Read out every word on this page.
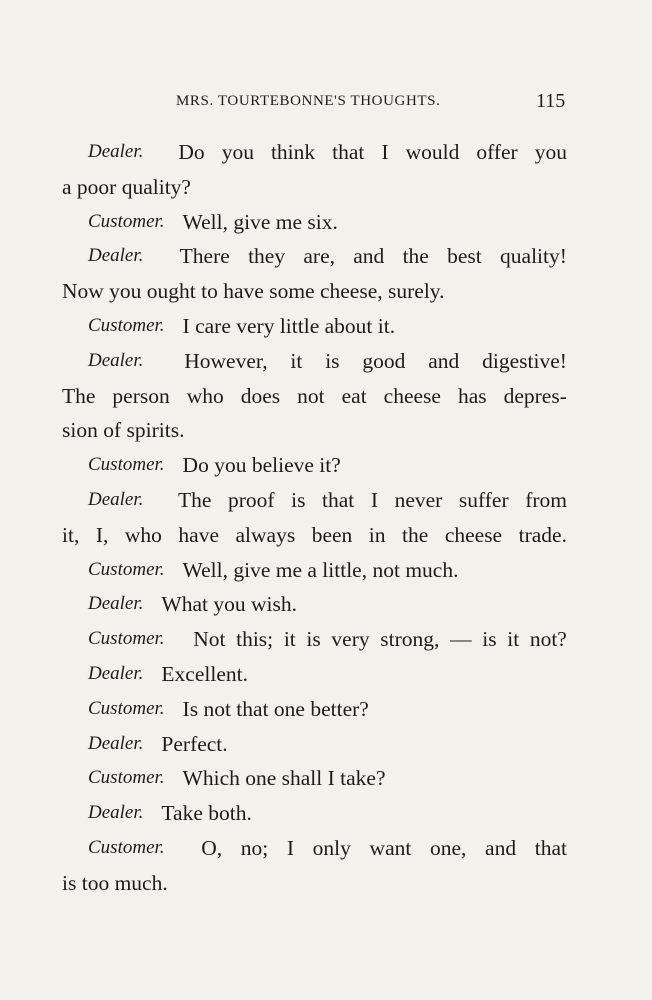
MRS. TOURTEBONNE'S THOUGHTS.	115
Dealer. Do you think that I would offer you
a poor quality?
Customer. Well, give me six.
Dealer. There they are, and the best quality!
Now you ought to have some cheese, surely.
Customer. I care very little about it.
Dealer. However, it is good and digestive!
The person who does not eat cheese has depres-
sion of spirits.
Customer. Do you believe it?
Dealer. The proof is that I never suffer from
it, I, who have always been in the cheese trade.
Customer. Well, give me a little, not much.
Dealer. What you wish.
Customer. Not this; it is very strong, — is it not?
Dealer. Excellent.
Customer. Is not that one better?
Dealer. Perfect.
Customer. Which one shall I take?
Dealer. Take both.
Customer. O, no; I only want one, and that
is too much.
